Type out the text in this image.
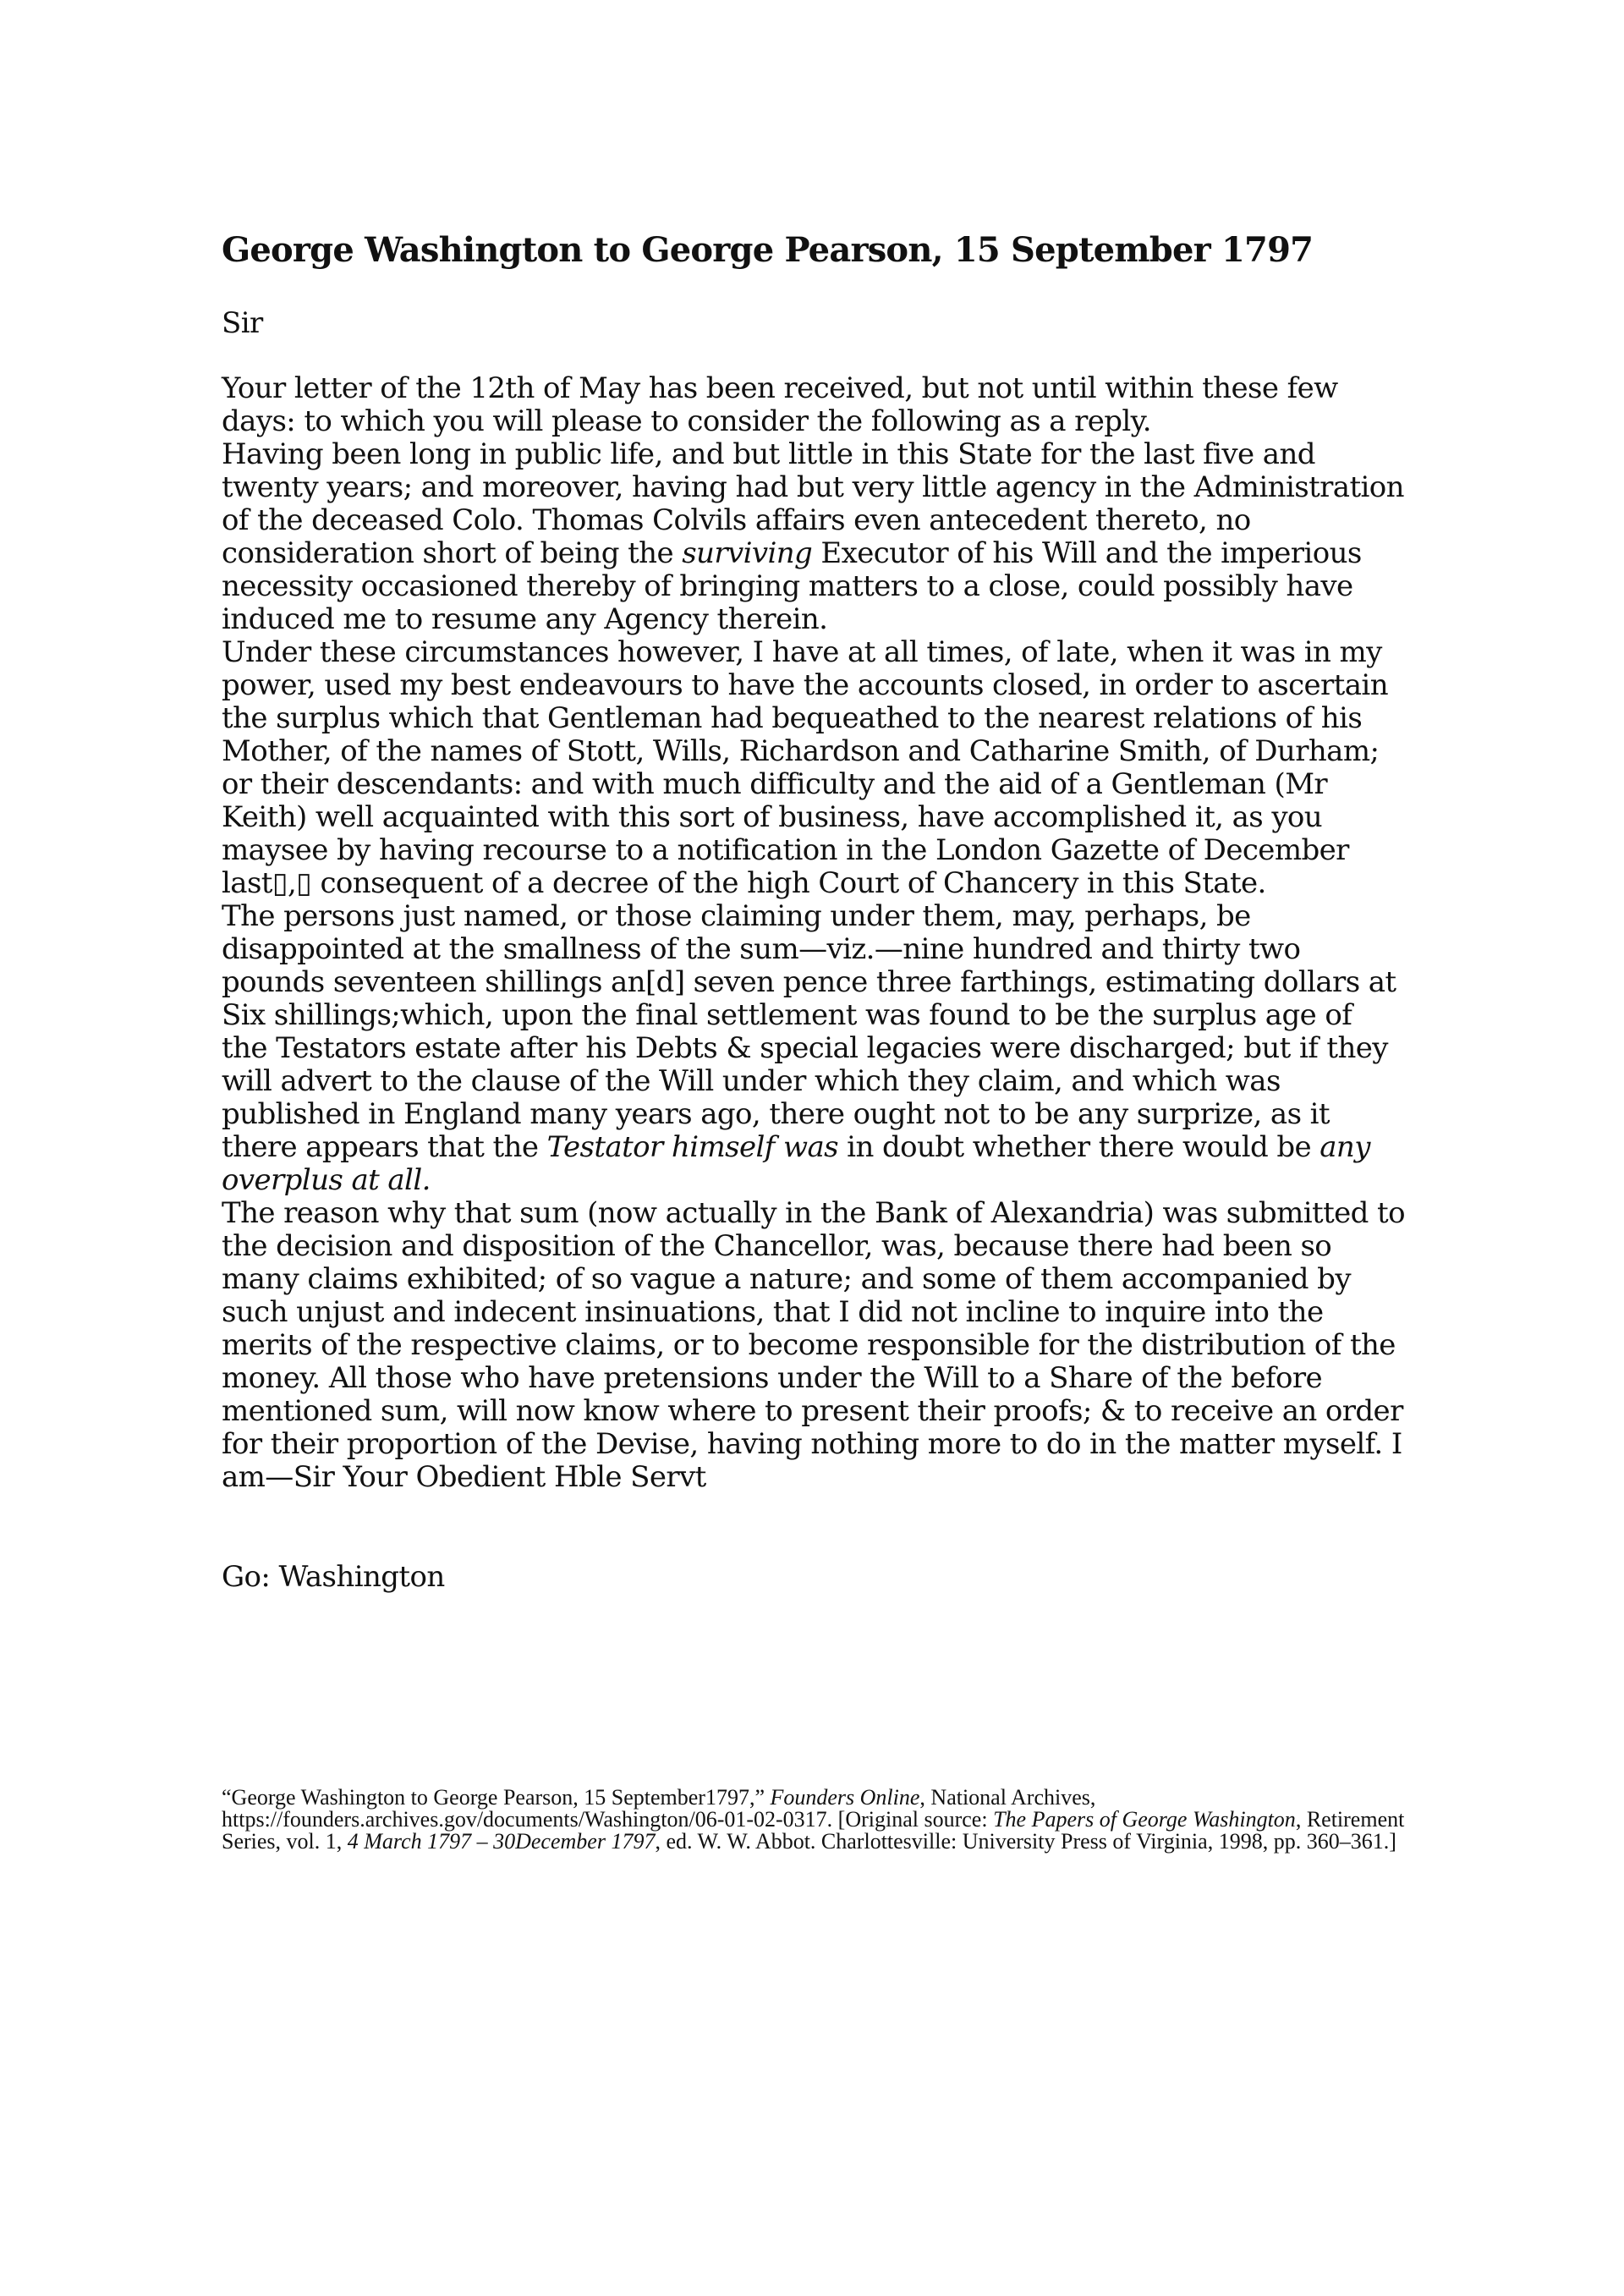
George Washington to George Pearson, 15 September 1797
Sir

Your letter of the 12th of May has been received, but not until within these few days: to which you will please to consider the following as a reply.

Having been long in public life, and but little in this State for the last five and twenty years; and moreover, having had but very little agency in the Administration of the deceased Colo. Thomas Colvils affairs even antecedent thereto, no consideration short of being the surviving Executor of his Will and the imperious necessity occasioned thereby of bringing matters to a close, could possibly have induced me to resume any Agency therein.

Under these circumstances however, I have at all times, of late, when it was in my power, used my best endeavours to have the accounts closed, in order to ascertain the surplus which that Gentleman had bequeathed to the nearest relations of his Mother, of the names of Stott, Wills, Richardson and Catharine Smith, of Durham; or their descendants: and with much difficulty and the aid of a Gentleman (Mr Keith) well acquainted with this sort of business, have accomplished it, as you maysee by having recourse to a notification in the London Gazette of December last▯,▯ consequent of a decree of the high Court of Chancery in this State.

The persons just named, or those claiming under them, may, perhaps, be disappointed at the smallness of the sum—viz.—nine hundred and thirty two pounds seventeen shillings an[d] seven pence three farthings, estimating dollars at Six shillings;which, upon the final settlement was found to be the surplus age of the Testators estate after his Debts & special legacies were discharged; but if they will advert to the clause of the Will under which they claim, and which was published in England many years ago, there ought not to be any surprize, as it there appears that the Testator himself was in doubt whether there would be any overplus at all.

The reason why that sum (now actually in the Bank of Alexandria) was submitted to the decision and disposition of the Chancellor, was, because there had been so many claims exhibited; of so vague a nature; and some of them accompanied by such unjust and indecent insinuations, that I did not incline to inquire into the merits of the respective claims, or to become responsible for the distribution of the money. All those who have pretensions under the Will to a Share of the before mentioned sum, will now know where to present their proofs; & to receive an order for their proportion of the Devise, having nothing more to do in the matter myself. I am—Sir Your Obedient Hble Servt

Go: Washington
“George Washington to George Pearson, 15 September1797,” Founders Online, National Archives, https://founders.archives.gov/documents/Washington/06-01-02-0317. [Original source: The Papers of George Washington, Retirement Series, vol. 1, 4 March 1797 – 30December 1797, ed. W. W. Abbot. Charlottesville: University Press of Virginia, 1998, pp. 360–361.]
